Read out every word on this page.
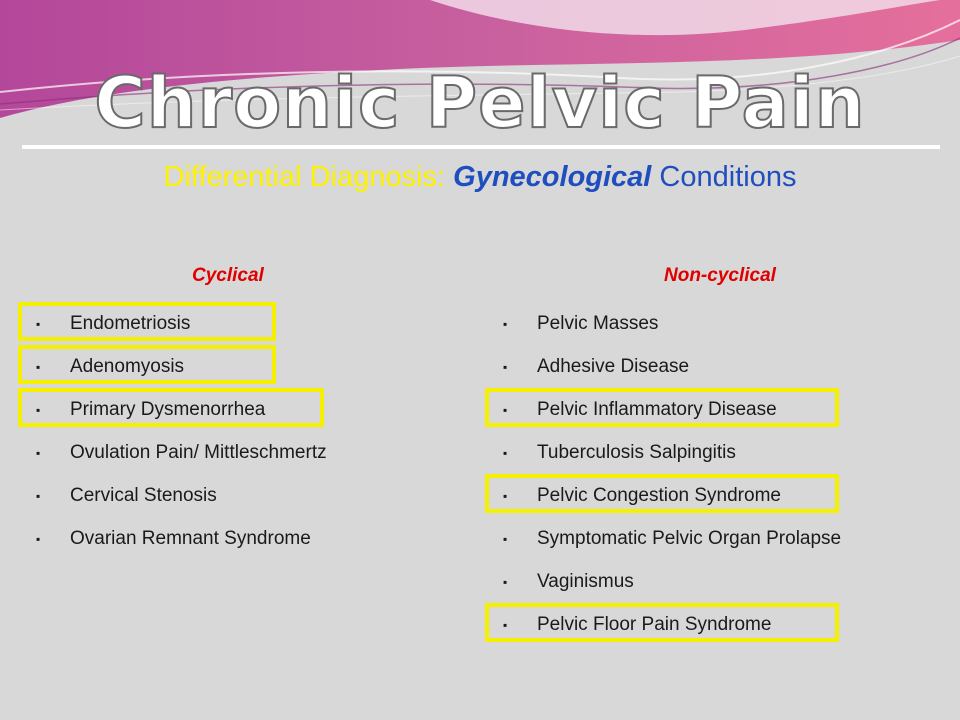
Chronic Pelvic Pain
Differential Diagnosis: Gynecological Conditions
Cyclical	Non-cyclical
▪	Endometriosis
▪	Adenomyosis
▪	Primary Dysmenorrhea
▪	Ovulation Pain/ Mittleschmertz
▪	Cervical Stenosis
▪	Ovarian Remnant Syndrome
▪	Pelvic Masses
▪	Adhesive Disease
▪	Pelvic Inflammatory Disease
▪	Tuberculosis Salpingitis
▪	Pelvic Congestion Syndrome
▪	Symptomatic Pelvic Organ Prolapse
▪	Vaginismus
▪	Pelvic Floor Pain Syndrome
